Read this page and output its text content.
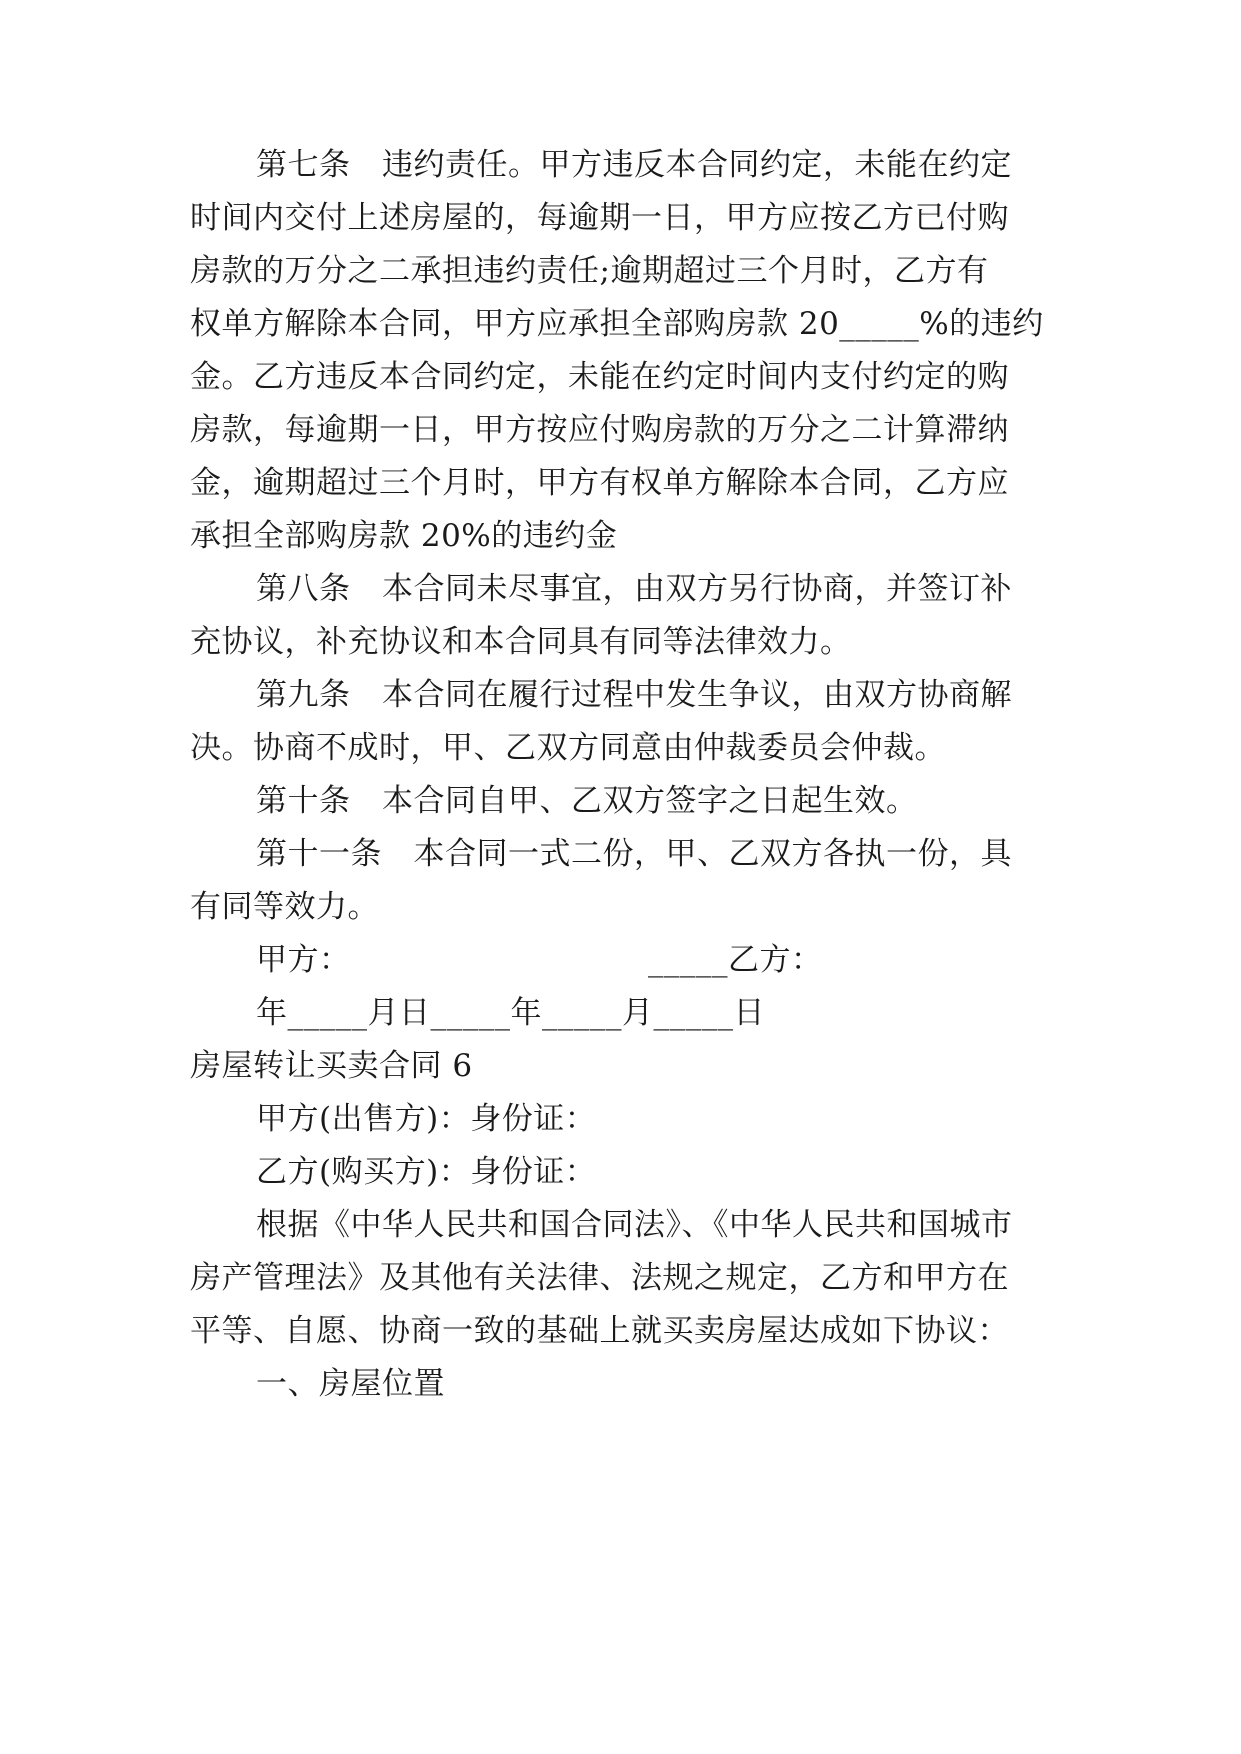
第七条　违约责任。甲方违反本合同约定，未能在约定
时间内交付上述房屋的，每逾期一日，甲方应按乙方已付购
房款的万分之二承担违约责任;逾期超过三个月时，乙方有
权单方解除本合同，甲方应承担全部购房款 20_____%的违约
金。乙方违反本合同约定，未能在约定时间内支付约定的购
房款，每逾期一日，甲方按应付购房款的万分之二计算滞纳
金，逾期超过三个月时，甲方有权单方解除本合同，乙方应
承担全部购房款 20%的违约金
第八条　本合同未尽事宜，由双方另行协商，并签订补
充协议，补充协议和本合同具有同等法律效力。
第九条　本合同在履行过程中发生争议，由双方协商解
决。协商不成时，甲、乙双方同意由仲裁委员会仲裁。
第十条　本合同自甲、乙双方签字之日起生效。
第十一条　本合同一式二份，甲、乙双方各执一份，具
有同等效力。
甲方：	_____乙方：
年_____月日_____年_____月_____日
房屋转让买卖合同 6
甲方(出售方)：身份证：
乙方(购买方)：身份证：
根据《中华人民共和国合同法》、《中华人民共和国城市
房产管理法》及其他有关法律、法规之规定，乙方和甲方在
平等、自愿、协商一致的基础上就买卖房屋达成如下协议：
一、房屋位置
